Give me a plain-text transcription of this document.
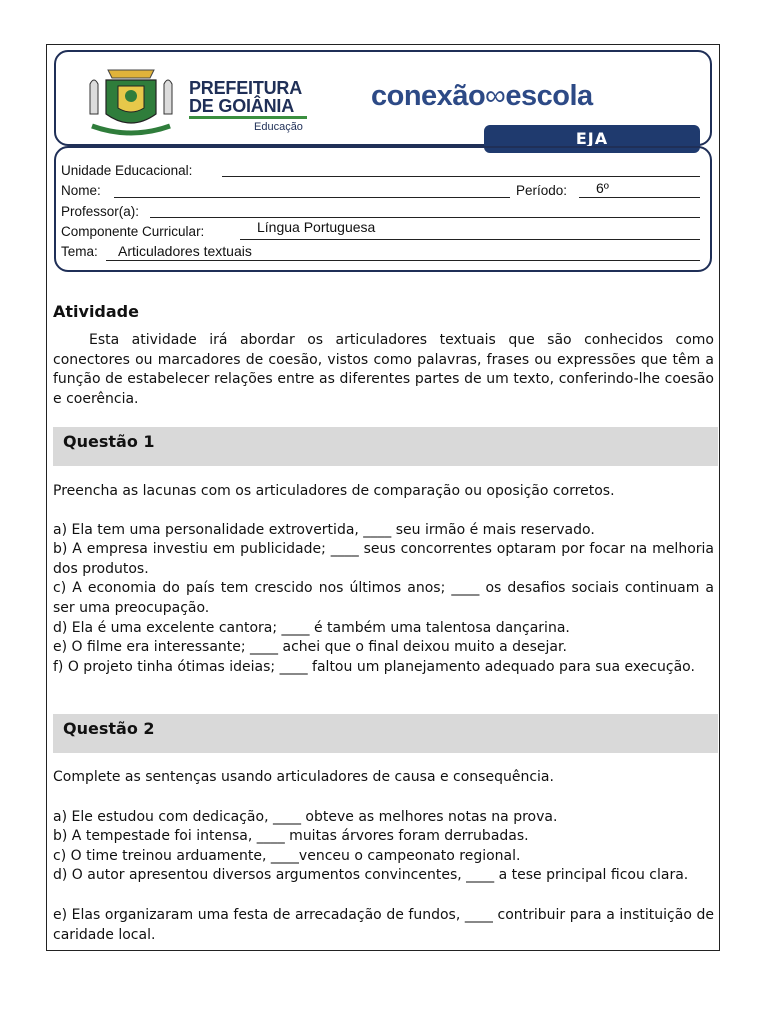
PREFEITURA
DE GOIÂNIA
Educação
conexão∞escola
EJA
Unidade Educacional:
Nome:	Período: 6º
Professor(a):
Componente Curricular:	Língua Portuguesa
Tema: Articuladores textuais
Atividade
Esta atividade irá abordar os articuladores textuais que são conhecidos como conectores ou marcadores de coesão, vistos como palavras, frases ou expressões que têm a função de estabelecer relações entre as diferentes partes de um texto, conferindo-lhe coesão e coerência.
Questão 1
Preencha as lacunas com os articuladores de comparação ou oposição corretos.
a) Ela tem uma personalidade extrovertida, ____ seu irmão é mais reservado.
b) A empresa investiu em publicidade; ____ seus concorrentes optaram por focar na melhoria dos produtos.
c) A economia do país tem crescido nos últimos anos; ____ os desafios sociais continuam a ser uma preocupação.
d) Ela é uma excelente cantora; ____ é também uma talentosa dançarina.
e) O filme era interessante; ____ achei que o final deixou muito a desejar.
f) O projeto tinha ótimas ideias; ____ faltou um planejamento adequado para sua execução.
Questão 2
Complete as sentenças usando articuladores de causa e consequência.
a) Ele estudou com dedicação, ____ obteve as melhores notas na prova.
b) A tempestade foi intensa, ____ muitas árvores foram derrubadas.
c) O time treinou arduamente, ____venceu o campeonato regional.
d) O autor apresentou diversos argumentos convincentes, ____ a tese principal ficou clara.
e) Elas organizaram uma festa de arrecadação de fundos, ____ contribuir para a instituição de caridade local.
